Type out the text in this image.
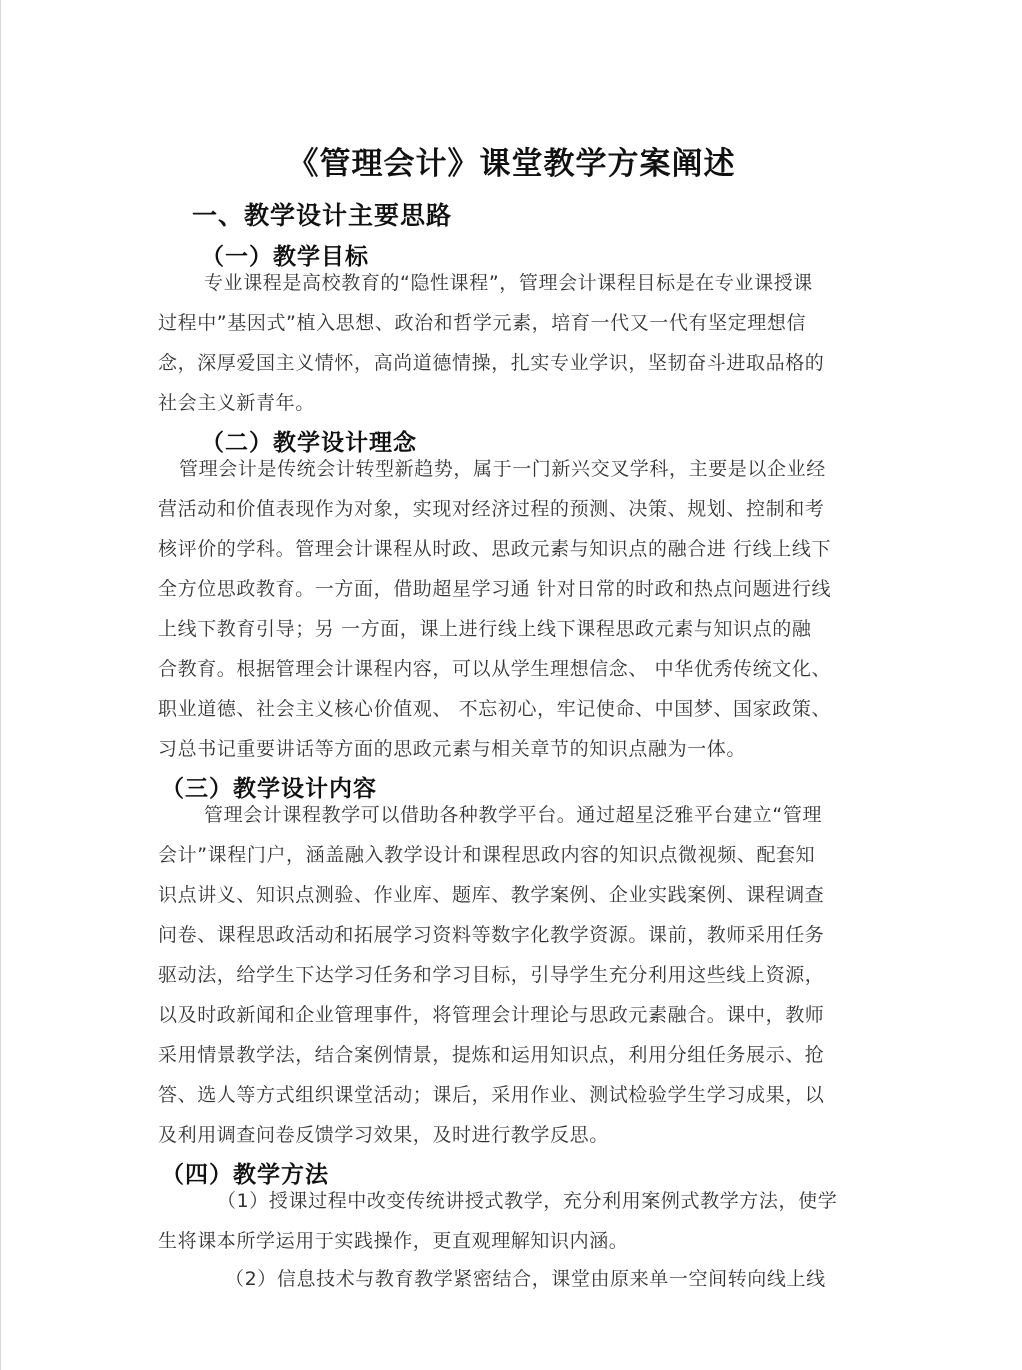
《管理会计》课堂教学方案阐述
一、教学设计主要思路
（一）教学目标
专业课程是高校教育的“隐性课程”，管理会计课程目标是在专业课授课
过程中”基因式”植入思想、政治和哲学元素，培育一代又一代有坚定理想信
念，深厚爱国主义情怀，高尚道德情操，扎实专业学识，坚韧奋斗进取品格的
社会主义新青年。
（二）教学设计理念
管理会计是传统会计转型新趋势，属于一门新兴交叉学科，主要是以企业经
营活动和价值表现作为对象，实现对经济过程的预测、决策、规划、控制和考
核评价的学科。管理会计课程从时政、思政元素与知识点的融合进 行线上线下
全方位思政教育。一方面，借助超星学习通 针对日常的时政和热点问题进行线
上线下教育引导；另 一方面，课上进行线上线下课程思政元素与知识点的融
合教育。根据管理会计课程内容，可以从学生理想信念、 中华优秀传统文化、
职业道德、社会主义核心价值观、 不忘初心，牢记使命、中国梦、国家政策、
习总书记重要讲话等方面的思政元素与相关章节的知识点融为一体。
（三）教学设计内容
管理会计课程教学可以借助各种教学平台。通过超星泛雅平台建立“管理
会计”课程门户，涵盖融入教学设计和课程思政内容的知识点微视频、配套知
识点讲义、知识点测验、作业库、题库、教学案例、企业实践案例、课程调查
问卷、课程思政活动和拓展学习资料等数字化教学资源。课前，教师采用任务
驱动法，给学生下达学习任务和学习目标，引导学生充分利用这些线上资源，
以及时政新闻和企业管理事件，将管理会计理论与思政元素融合。课中，教师
采用情景教学法，结合案例情景，提炼和运用知识点，利用分组任务展示、抢
答、选人等方式组织课堂活动；课后，采用作业、测试检验学生学习成果，以
及利用调查问卷反馈学习效果，及时进行教学反思。
（四）教学方法
（1）授课过程中改变传统讲授式教学，充分利用案例式教学方法，使学
生将课本所学运用于实践操作，更直观理解知识内涵。
（2）信息技术与教育教学紧密结合，课堂由原来单一空间转向线上线
